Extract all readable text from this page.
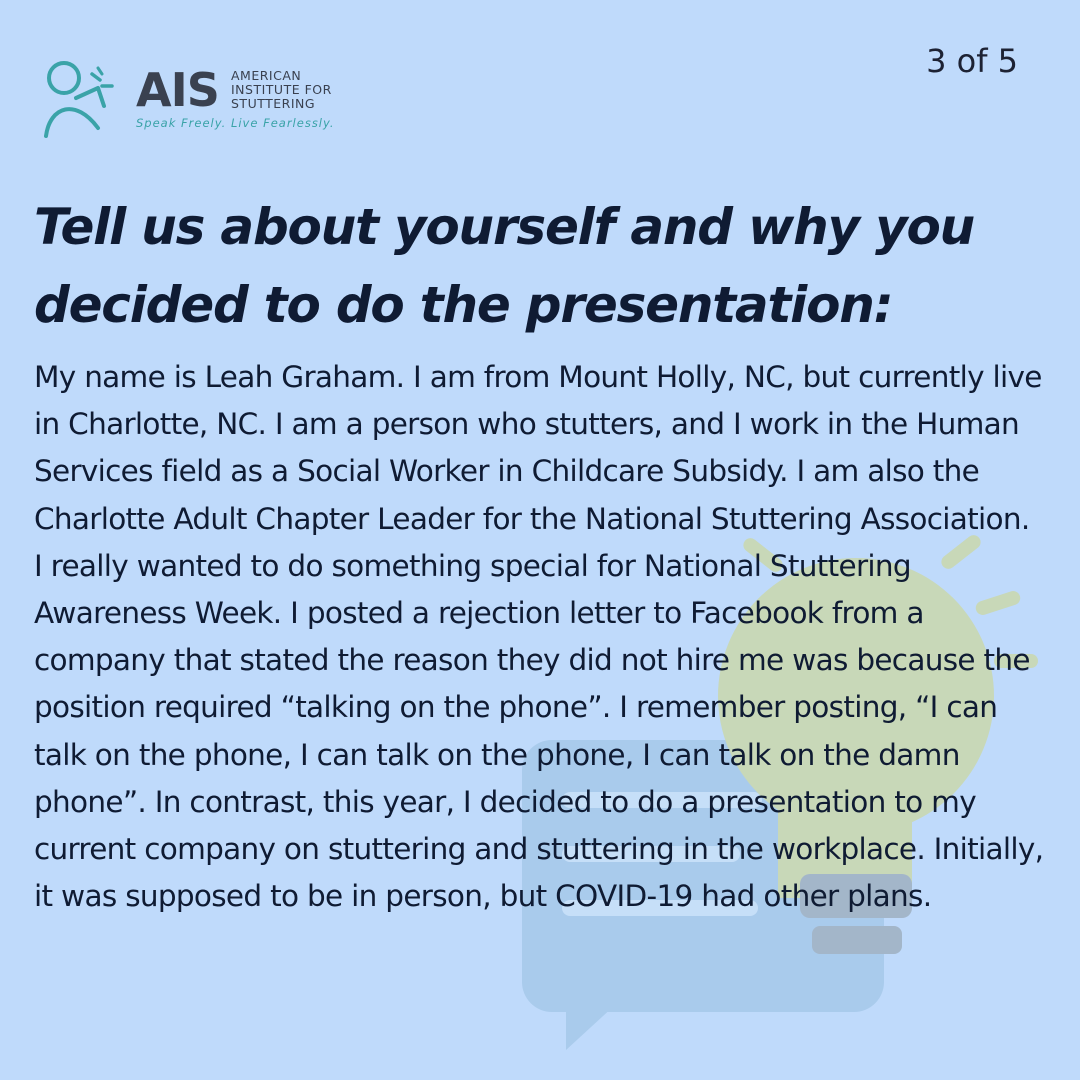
AIS AMERICAN
INSTITUTE FOR
STUTTERING
Speak Freely. Live Fearlessly.
3 of 5
Tell us about yourself and why you decided to do the presentation:

My name is Leah Graham. I am from Mount Holly, NC, but currently live in Charlotte, NC. I am a person who stutters, and I work in the Human Services field as a Social Worker in Childcare Subsidy. I am also the Charlotte Adult Chapter Leader for the National Stuttering Association. I really wanted to do something special for National Stuttering Awareness Week. I posted a rejection letter to Facebook from a company that stated the reason they did not hire me was because the position required “talking on the phone”. I remember posting, “I can talk on the phone, I can talk on the phone, I can talk on the damn phone”. In contrast, this year, I decided to do a presentation to my current company on stuttering and stuttering in the workplace. Initially, it was supposed to be in person, but COVID-19 had other plans.
